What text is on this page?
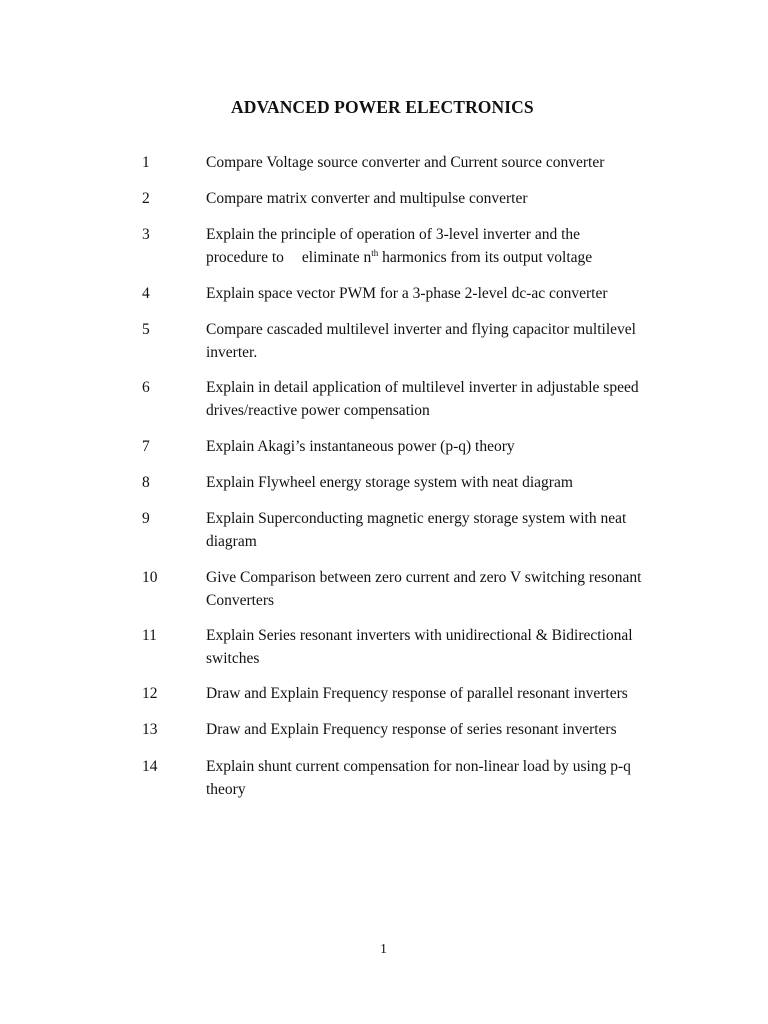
ADVANCED POWER ELECTRONICS
1	Compare Voltage source converter and Current source converter
2	Compare matrix converter and multipulse converter
3	Explain the principle of operation of 3-level inverter and the
procedure to eliminate $n^{th}$ harmonics from its output voltage
4	Explain space vector PWM for a 3-phase 2-level dc-ac converter
5	Compare cascaded multilevel inverter and flying capacitor multilevel inverter.
6	Explain in detail application of multilevel inverter in adjustable speed drives/reactive power compensation
7	Explain Akagi’s instantaneous power (p-q) theory
8	Explain Flywheel energy storage system with neat diagram
9	Explain Superconducting magnetic energy storage system with neat diagram
10	Give Comparison between zero current and zero V switching resonant Converters
11	Explain Series resonant inverters with unidirectional & Bidirectional switches
12	Draw and Explain Frequency response of parallel resonant inverters
13	Draw and Explain Frequency response of series resonant inverters
14	Explain shunt current compensation for non-linear load by using p-q theory
1
